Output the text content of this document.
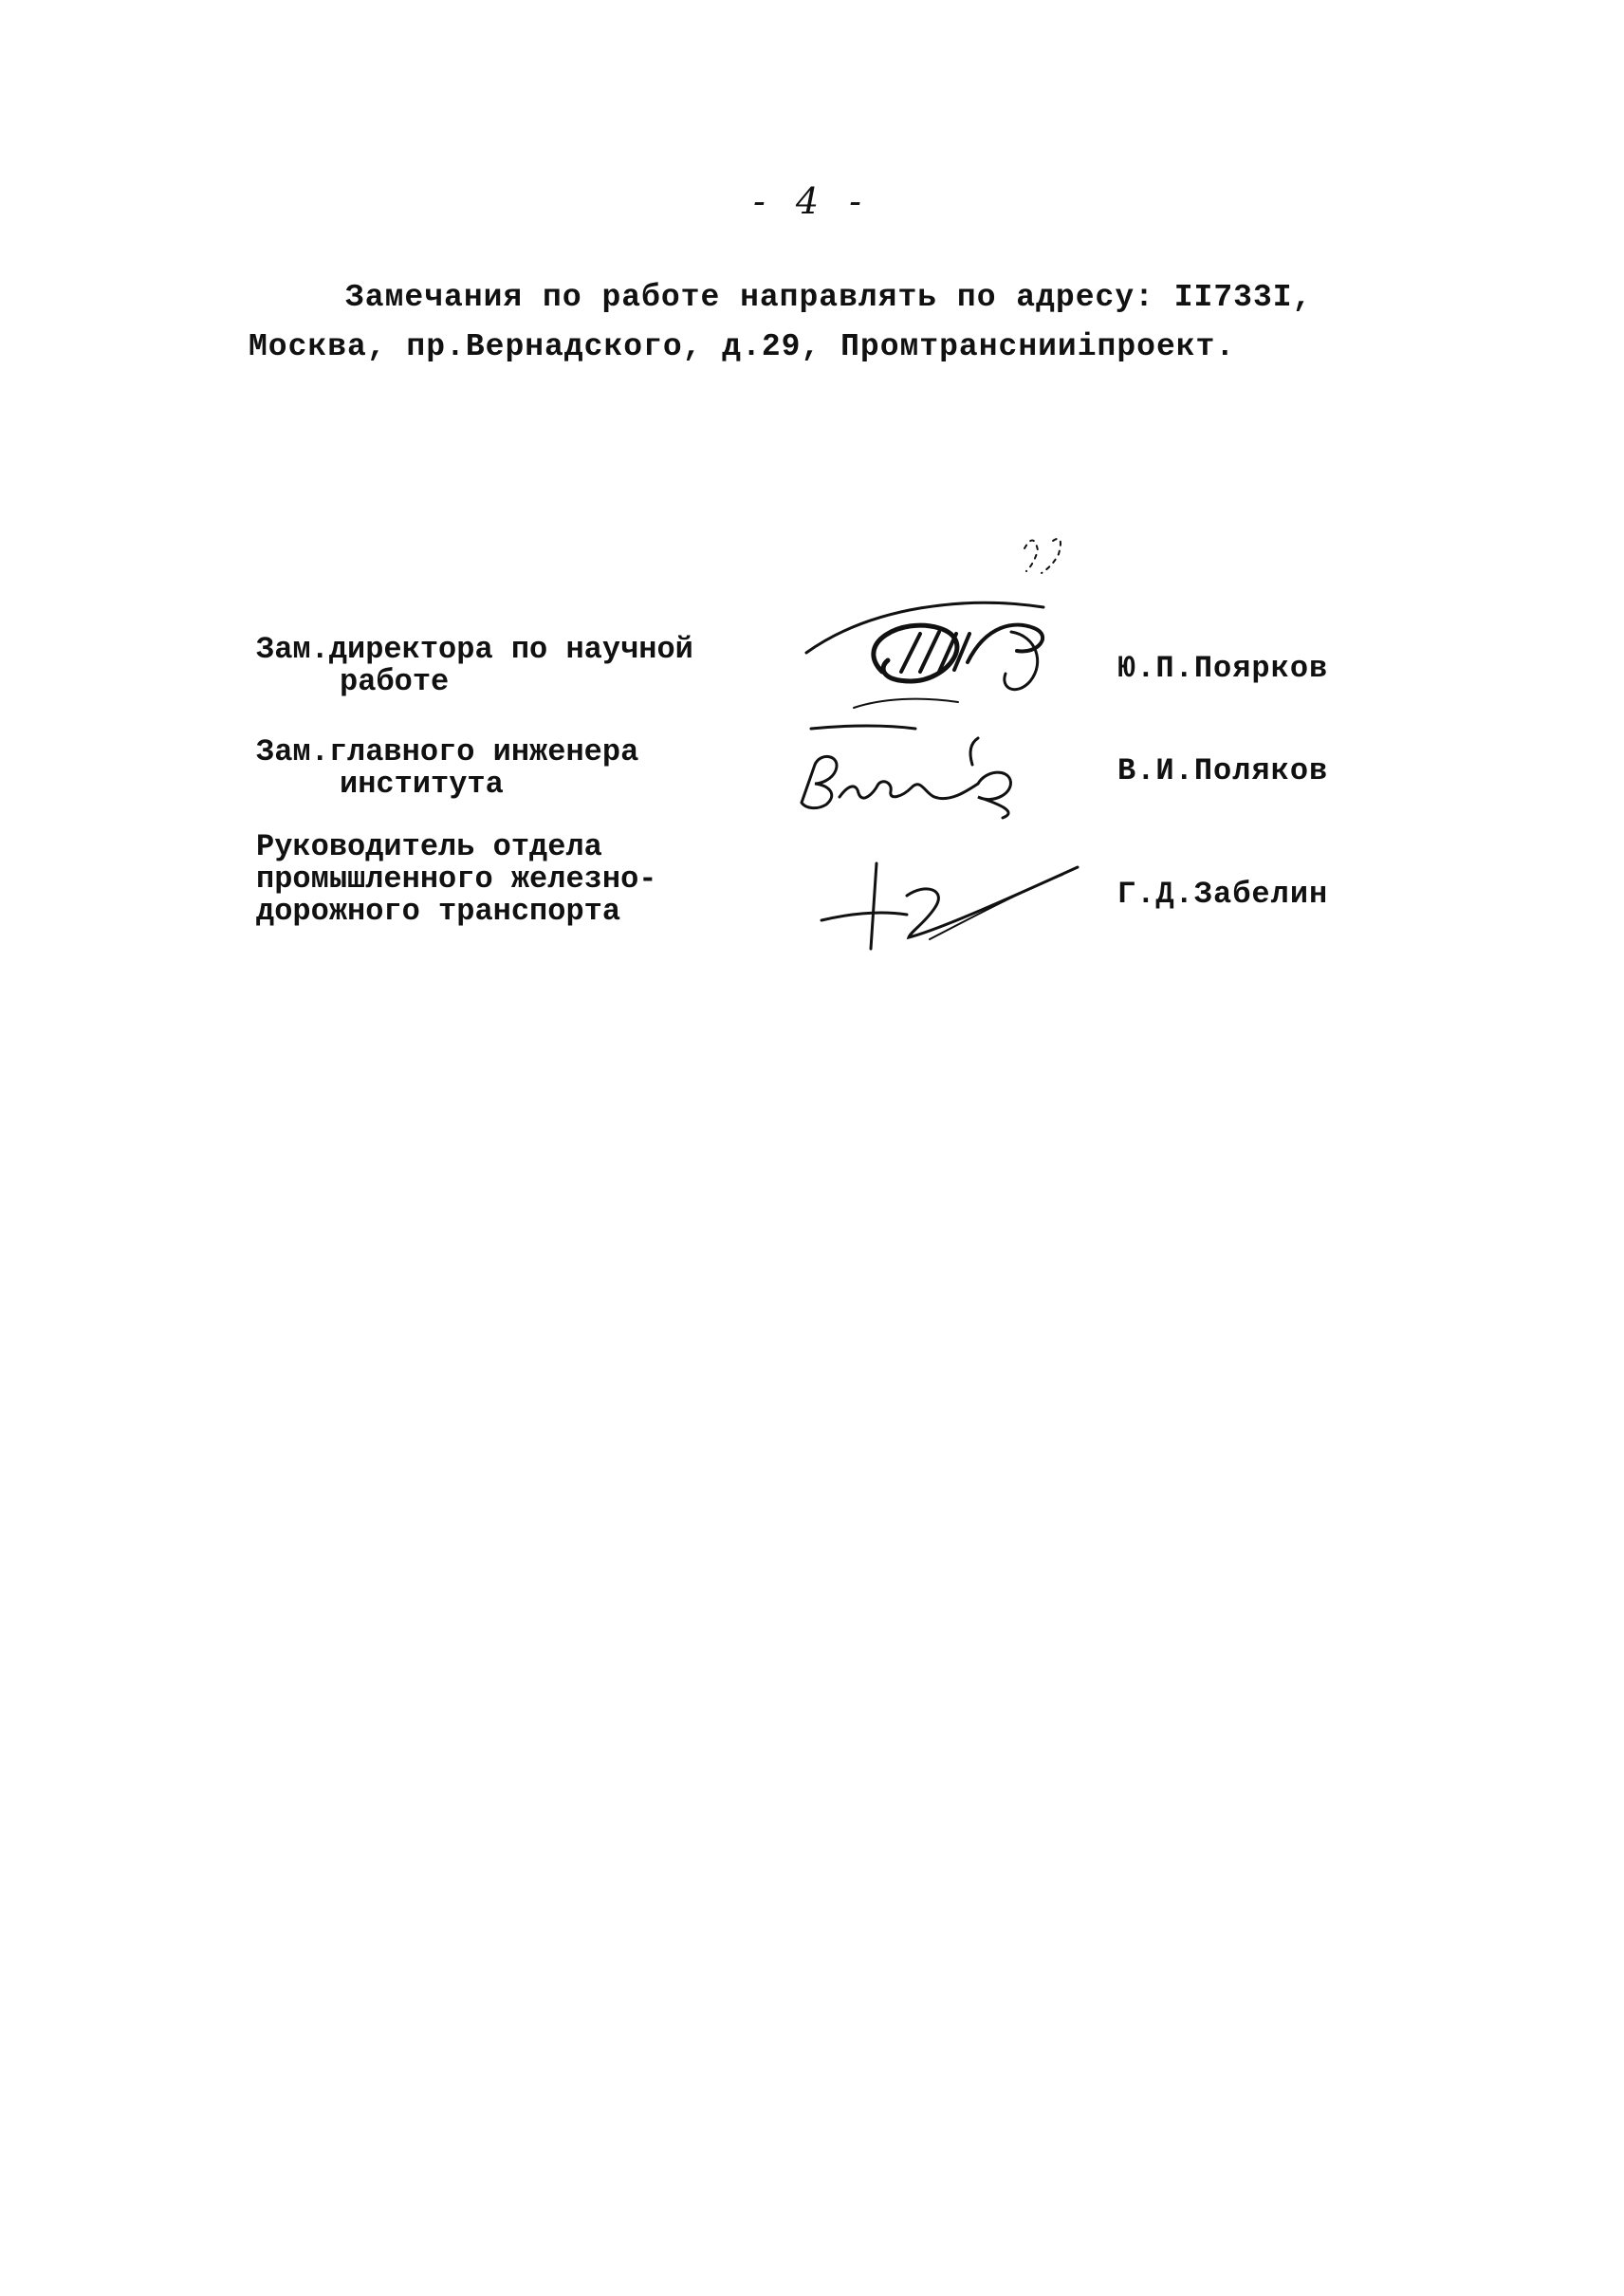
- 4 -
Замечания по работе направлять по адресу: II733I,
Москва, пр.Вернадского, д.29, Промтранснииiпроект.
Зам.директора по научной
работе	Ю.П.Поярков
Зам.главного инженера
института	В.И.Поляков
Руководитель отдела
промышленного железно-
дорожного транспорта	Г.Д.Забелин
